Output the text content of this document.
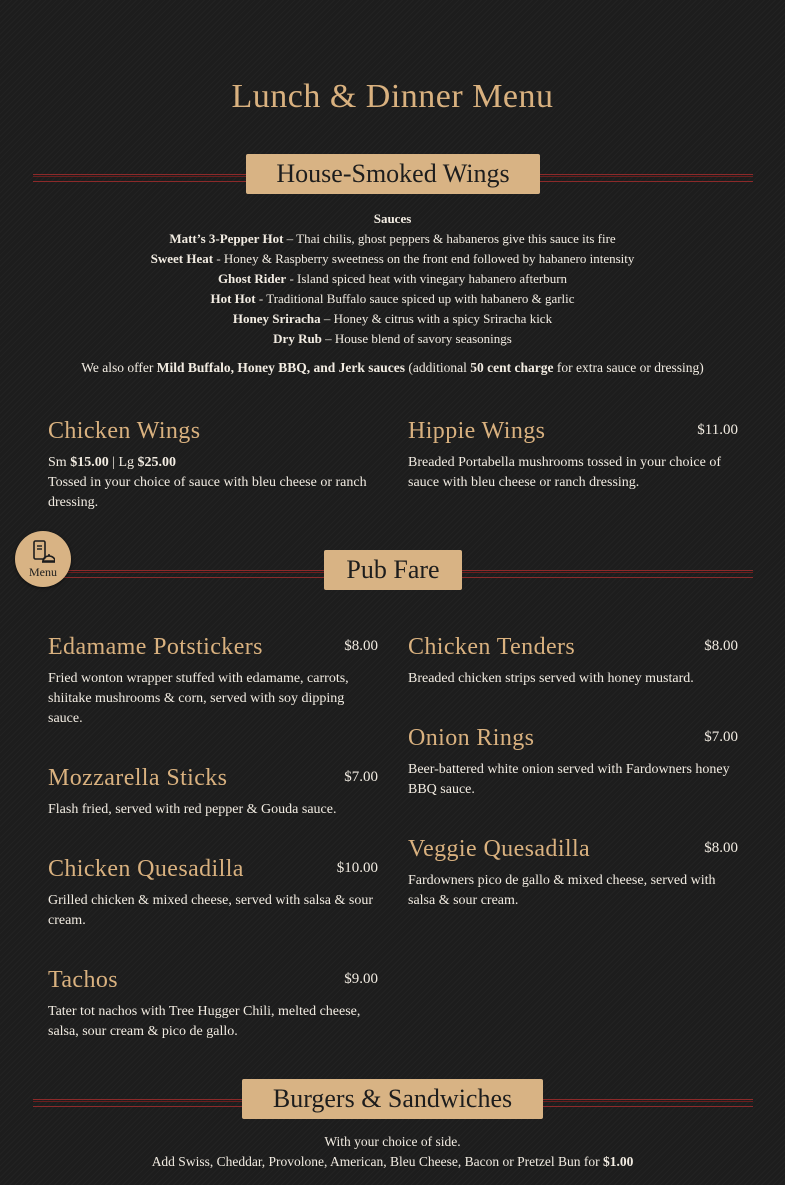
Lunch & Dinner Menu
House-Smoked Wings
Sauces
Matt’s 3-Pepper Hot – Thai chilis, ghost peppers & habaneros give this sauce its fire
Sweet Heat - Honey & Raspberry sweetness on the front end followed by habanero intensity
Ghost Rider - Island spiced heat with vinegary habanero afterburn
Hot Hot - Traditional Buffalo sauce spiced up with habanero & garlic
Honey Sriracha – Honey & citrus with a spicy Sriracha kick
Dry Rub – House blend of savory seasonings
We also offer Mild Buffalo, Honey BBQ, and Jerk sauces (additional 50 cent charge for extra sauce or dressing)
Chicken Wings
Sm $15.00 | Lg $25.00
Tossed in your choice of sauce with bleu cheese or ranch dressing.
Hippie Wings	$11.00
Breaded Portabella mushrooms tossed in your choice of sauce with bleu cheese or ranch dressing.
Pub Fare
Edamame Potstickers	$8.00
Fried wonton wrapper stuffed with edamame, carrots, shiitake mushrooms & corn, served with soy dipping sauce.
Mozzarella Sticks	$7.00
Flash fried, served with red pepper & Gouda sauce.
Chicken Quesadilla	$10.00
Grilled chicken & mixed cheese, served with salsa & sour cream.
Tachos	$9.00
Tater tot nachos with Tree Hugger Chili, melted cheese, salsa, sour cream & pico de gallo.
Chicken Tenders	$8.00
Breaded chicken strips served with honey mustard.
Onion Rings	$7.00
Beer-battered white onion served with Fardowners honey BBQ sauce.
Veggie Quesadilla	$8.00
Fardowners pico de gallo & mixed cheese, served with salsa & sour cream.
Burgers & Sandwiches
With your choice of side.
Add Swiss, Cheddar, Provolone, American, Bleu Cheese, Bacon or Pretzel Bun for $1.00
Menu
